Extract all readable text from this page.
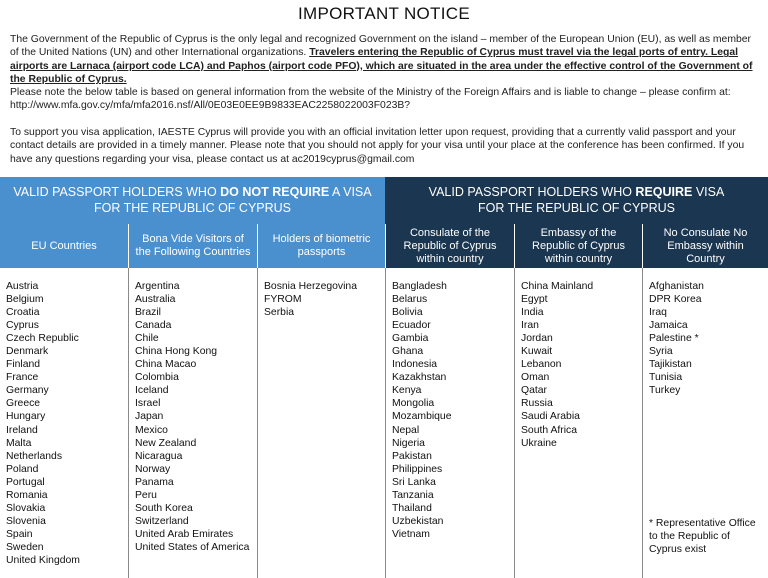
IMPORTANT NOTICE
The Government of the Republic of Cyprus is the only legal and recognized Government on the island – member of the European Union (EU), as well as member of the United Nations (UN) and other International organizations. Travelers entering the Republic of Cyprus must travel via the legal ports of entry. Legal airports are Larnaca (airport code LCA) and Paphos (airport code PFO), which are situated in the area under the effective control of the Government of the Republic of Cyprus.
Please note the below table is based on general information from the website of the Ministry of the Foreign Affairs and is liable to change – please confirm at: http://www.mfa.gov.cy/mfa/mfa2016.nsf/All/0E03E0EE9B9833EAC2258022003F023B?
To support you visa application, IAESTE Cyprus will provide you with an official invitation letter upon request, providing that a currently valid passport and your contact details are provided in a timely manner. Please note that you should not apply for your visa until your place at the conference has been confirmed. If you have any questions regarding your visa, please contact us at ac2019cyprus@gmail.com
VALID PASSPORT HOLDERS WHO DO NOT REQUIRE A VISA
FOR THE REPUBLIC OF CYPRUS
VALID PASSPORT HOLDERS WHO REQUIRE VISA
FOR THE REPUBLIC OF CYPRUS
EU Countries
Bona Vide Visitors of the Following Countries
Holders of biometric passports
Consulate of the Republic of Cyprus within country
Embassy of the Republic of Cyprus within country
No Consulate No Embassy within Country
Austria
Belgium
Croatia
Cyprus
Czech Republic
Denmark
Finland
France
Germany
Greece
Hungary
Ireland
Malta
Netherlands
Poland
Portugal
Romania
Slovakia
Slovenia
Spain
Sweden
United Kingdom
Argentina
Australia
Brazil
Canada
Chile
China Hong Kong
China Macao
Colombia
Iceland
Israel
Japan
Mexico
New Zealand
Nicaragua
Norway
Panama
Peru
South Korea
Switzerland
United Arab Emirates
United States of America
Bosnia Herzegovina
FYROM
Serbia
Bangladesh
Belarus
Bolivia
Ecuador
Gambia
Ghana
Indonesia
Kazakhstan
Kenya
Mongolia
Mozambique
Nepal
Nigeria
Pakistan
Philippines
Sri Lanka
Tanzania
Thailand
Uzbekistan
Vietnam
China Mainland
Egypt
India
Iran
Jordan
Kuwait
Lebanon
Oman
Qatar
Russia
Saudi Arabia
South Africa
Ukraine
Afghanistan
DPR Korea
Iraq
Jamaica
Palestine *
Syria
Tajikistan
Tunisia
Turkey
* Representative Office to the Republic of Cyprus exist
